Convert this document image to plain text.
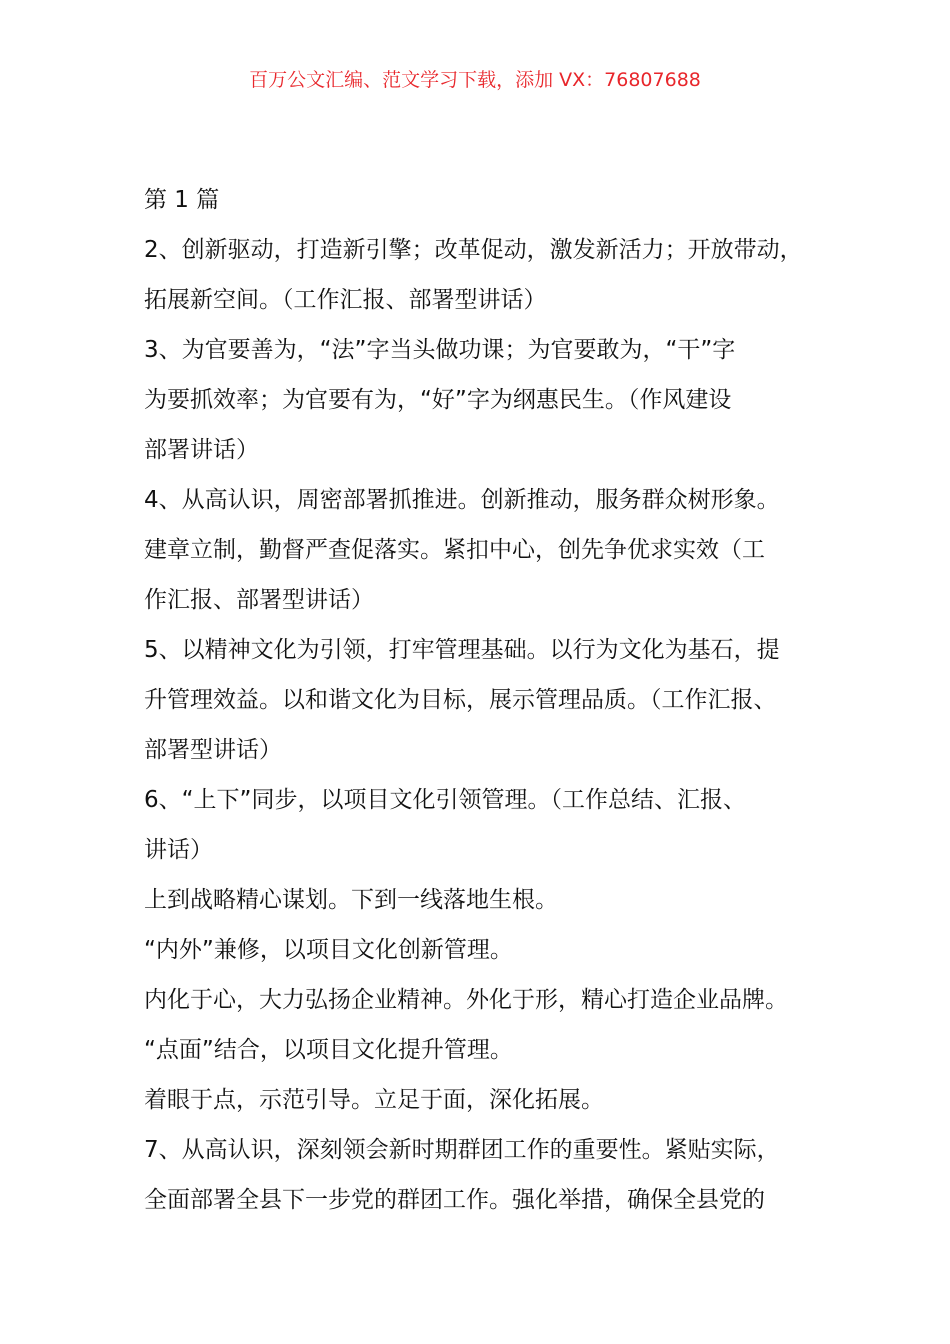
百万公文汇编、范文学习下载，添加 VX：76807688
第 1 篇
2、创新驱动，打造新引擎；改革促动，激发新活力；开放带动，
拓展新空间。（工作汇报、部署型讲话）
3、为官要善为，“法”字当头做功课；为官要敢为，“干”字
为要抓效率；为官要有为，“好”字为纲惠民生。（作风建设
部署讲话）
4、从高认识，周密部署抓推进。创新推动，服务群众树形象。
建章立制，勤督严查促落实。紧扣中心，创先争优求实效（工
作汇报、部署型讲话）
5、以精神文化为引领，打牢管理基础。以行为文化为基石，提
升管理效益。以和谐文化为目标，展示管理品质。（工作汇报、
部署型讲话）
6、“上下”同步，以项目文化引领管理。（工作总结、汇报、
讲话）
上到战略精心谋划。下到一线落地生根。
“内外”兼修，以项目文化创新管理。
内化于心，大力弘扬企业精神。外化于形，精心打造企业品牌。
“点面”结合，以项目文化提升管理。
着眼于点，示范引导。立足于面，深化拓展。
7、从高认识，深刻领会新时期群团工作的重要性。紧贴实际，
全面部署全县下一步党的群团工作。强化举措，确保全县党的
